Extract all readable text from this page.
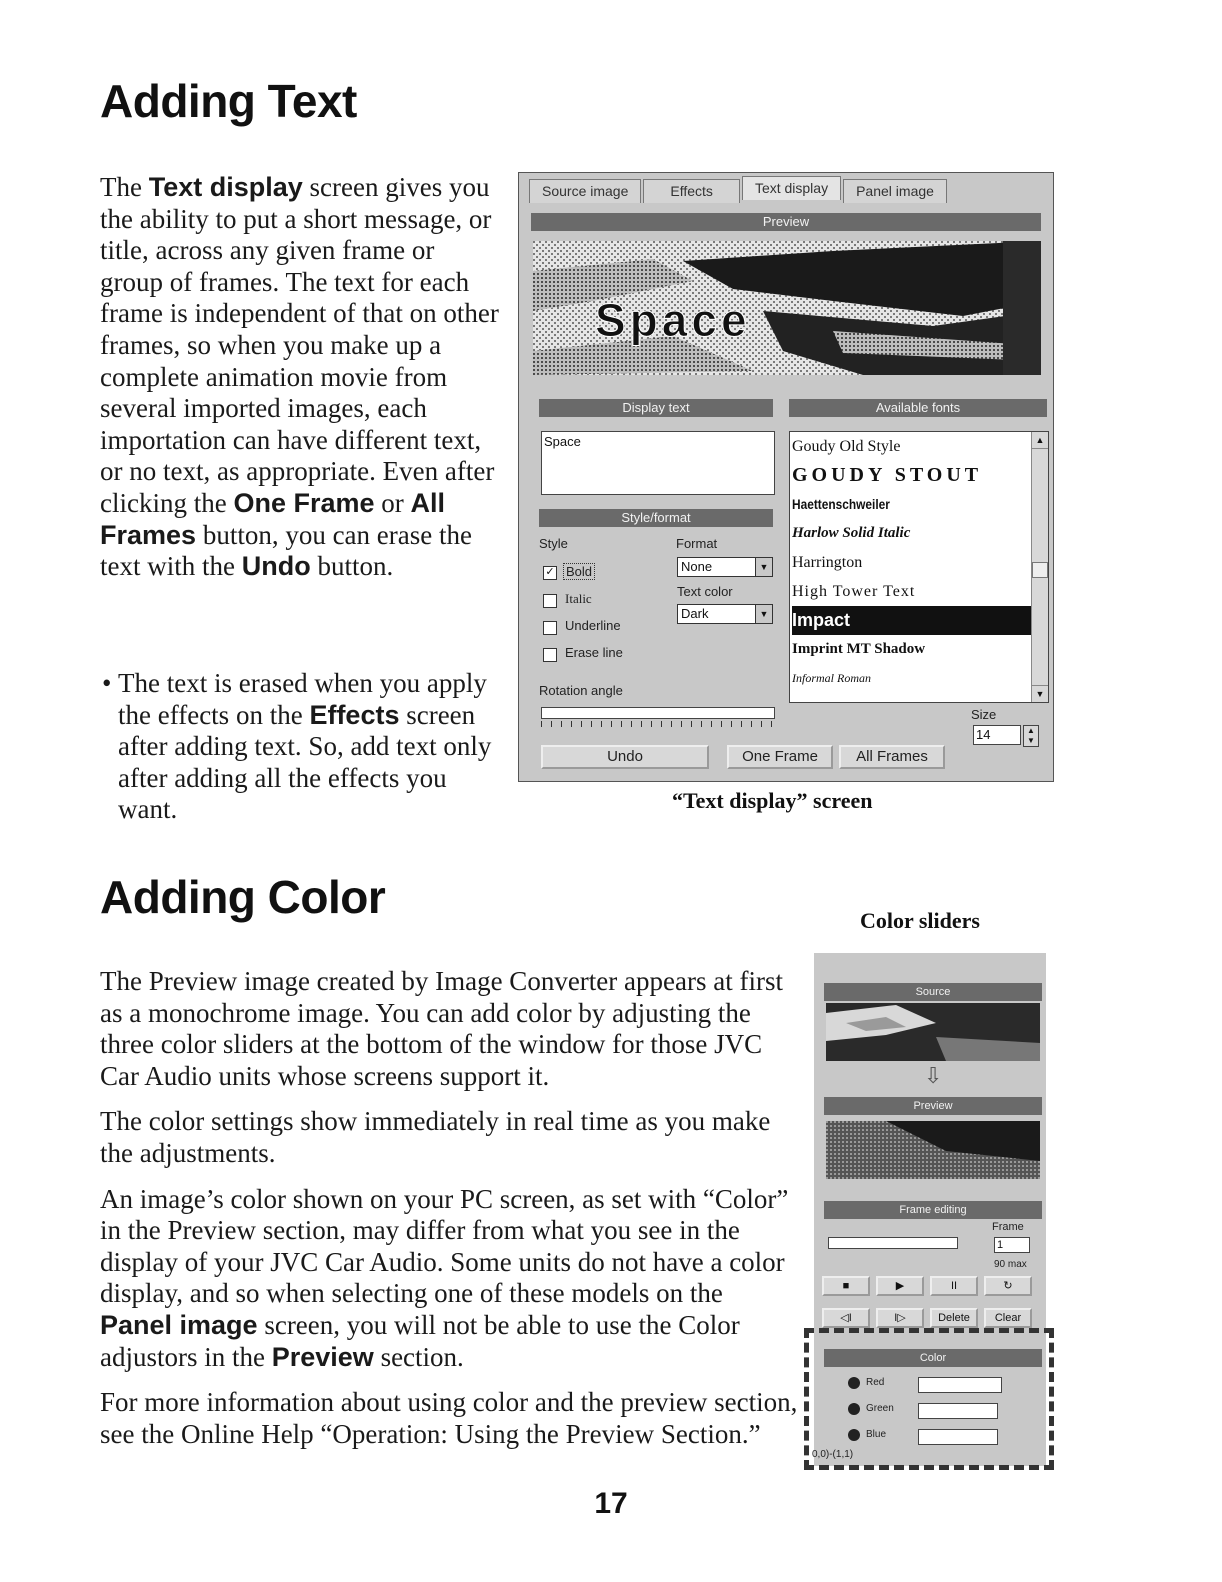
Adding Text

The Text display screen gives you the ability to put a short message, or title, across any given frame or group of frames. The text for each frame is independent of that on other frames, so when you make up a complete animation movie from several imported images, each importation can have different text, or no text, as appropriate. Even after clicking the One Frame or All Frames button, you can erase the text with the Undo button.

• The text is erased when you apply the effects on the Effects screen after adding text. So, add text only after adding all the effects you want.
Source image	Effects	Text display	Panel image
Preview
Space
Display text	Available fonts
Space
Style/format
Style	Format
✓ Bold
Italic
Underline
Erase line
None	▼
Text color
Dark	▼
Rotation angle
Goudy Old Style
GOUDY STOUT
Haettenschweiler
Harlow Solid Italic
Harrington
High Tower Text
Impact
Imprint MT Shadow
Informal Roman
▲
▼
Size
14	▲
▼
Undo	One Frame	All Frames
“Text display” screen
Adding Color	Color sliders

The Preview image created by Image Converter appears at first as a monochrome image. You can add color by adjusting the three color sliders at the bottom of the window for those JVC Car Audio units whose screens support it.

The color settings show immediately in real time as you make the adjustments.

An image’s color shown on your PC screen, as set with “Color” in the Preview section, may differ from what you see in the display of your JVC Car Audio. Some units do not have a color display, and so when selecting one of these models on the Panel image screen, you will not be able to use the Color adjustors in the Preview section.

For more information about using color and the preview section, see the Online Help “Operation: Using the Preview Section.”

Source
⇩
Preview
Frame editing
Frame
1
90 max
■	▶	II	↻
◁I	I▷	Delete	Clear
Color
Red
Green
Blue
0,0)-(1,1)
17
